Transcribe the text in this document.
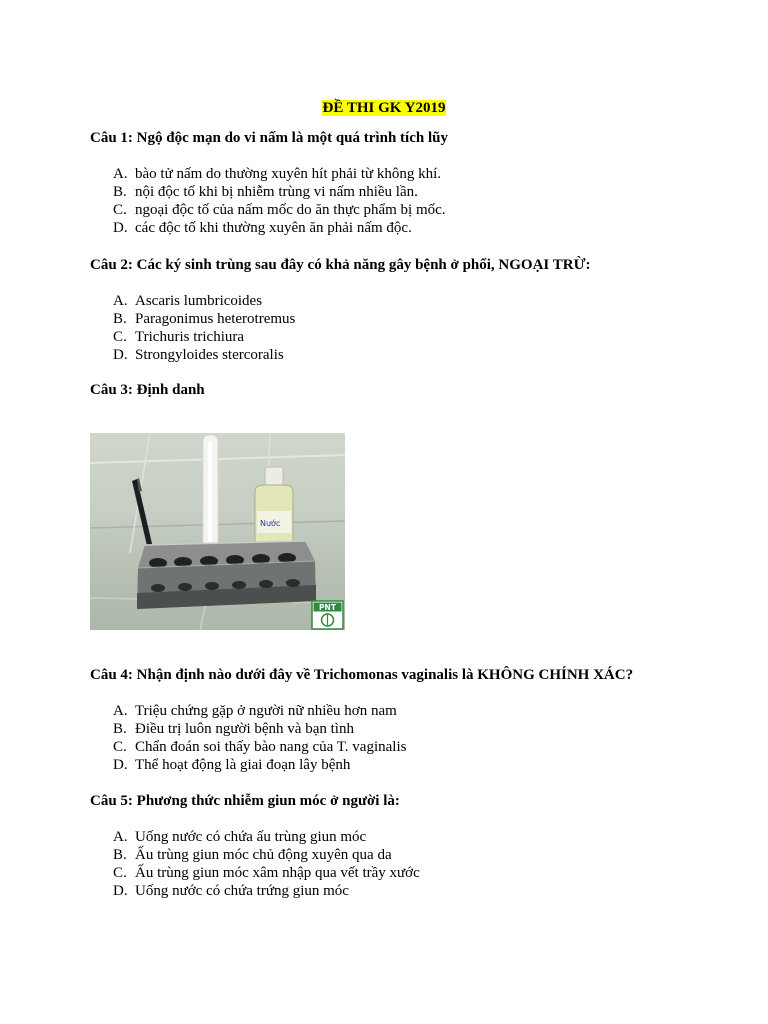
ĐỀ THI GK Y2019

Câu 1: Ngộ độc mạn do vi nấm là một quá trình tích lũy

A. bào tử nấm do thường xuyên hít phải từ không khí.
B. nội độc tố khi bị nhiễm trùng vi nấm nhiều lần.
C. ngoại độc tố của nấm mốc do ăn thực phẩm bị mốc.
D. các độc tố khi thường xuyên ăn phải nấm độc.

Câu 2: Các ký sinh trùng sau đây có khả năng gây bệnh ở phổi, NGOẠI TRỪ:

A. Ascaris lumbricoides
B. Paragonimus heterotremus
C. Trichuris trichiura
D. Strongyloides stercoralis

Câu 3: Định danh

Nước
PNT

Câu 4: Nhận định nào dưới đây về Trichomonas vaginalis là KHÔNG CHÍNH XÁC?

A. Triệu chứng gặp ở người nữ nhiều hơn nam
B. Điều trị luôn người bệnh và bạn tình
C. Chẩn đoán soi thấy bào nang của T. vaginalis
D. Thể hoạt động là giai đoạn lây bệnh

Câu 5: Phương thức nhiễm giun móc ở người là:

A. Uống nước có chứa ấu trùng giun móc
B. Ấu trùng giun móc chủ động xuyên qua da
C. Ấu trùng giun móc xâm nhập qua vết trầy xước
D. Uống nước có chứa trứng giun móc
